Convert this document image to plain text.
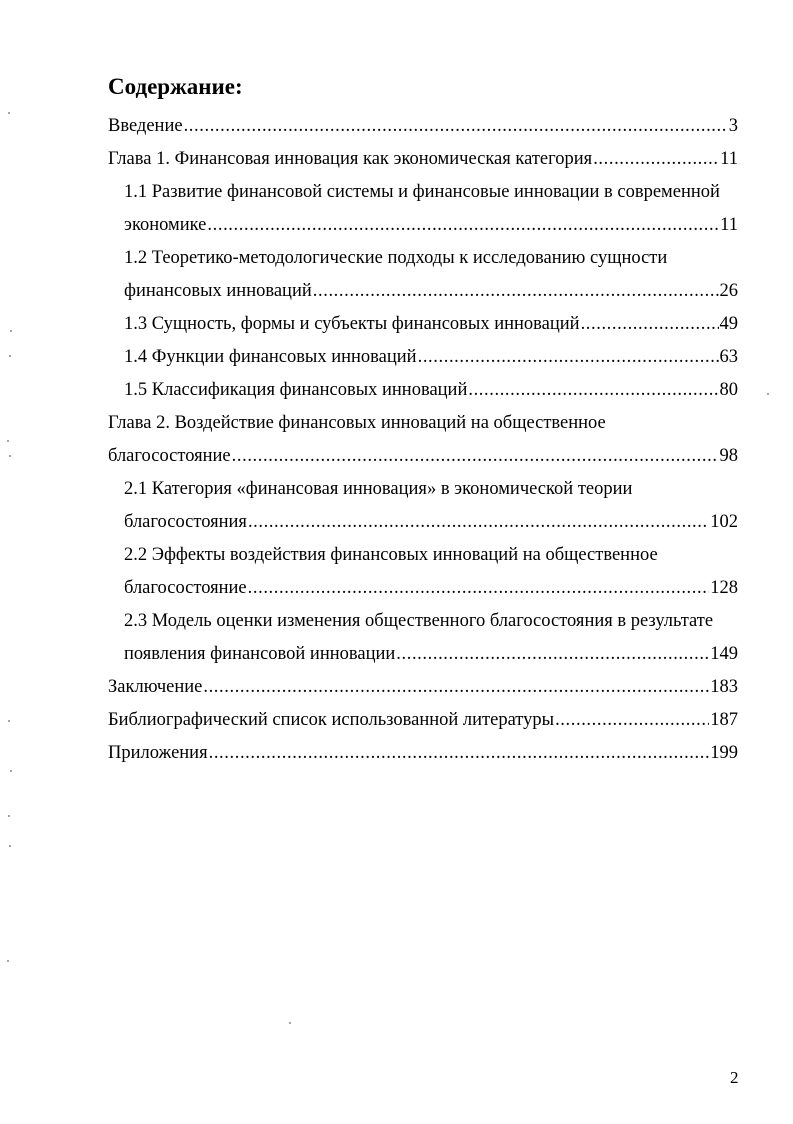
Содержание:
Введение .....	3
Глава 1. Финансовая инновация как экономическая категория .....	11
1.1 Развитие финансовой системы и финансовые инновации в современной
экономике .....	11
1.2 Теоретико-методологические подходы к исследованию сущности
финансовых инноваций .....	26
1.3 Сущность, формы и субъекты финансовых инноваций .....	49
1.4 Функции финансовых инноваций .....	63
1.5 Классификация финансовых инноваций .....	80
Глава 2. Воздействие финансовых инноваций на общественное
благосостояние .....	98
2.1 Категория «финансовая инновация» в экономической теории
благосостояния .....	102
2.2 Эффекты воздействия финансовых инноваций на общественное
благосостояние .....	128
2.3 Модель оценки изменения общественного благосостояния в результате
появления финансовой инновации .....	149
Заключение .....	183
Библиографический список использованной литературы .....	187
Приложения .....	199
2
